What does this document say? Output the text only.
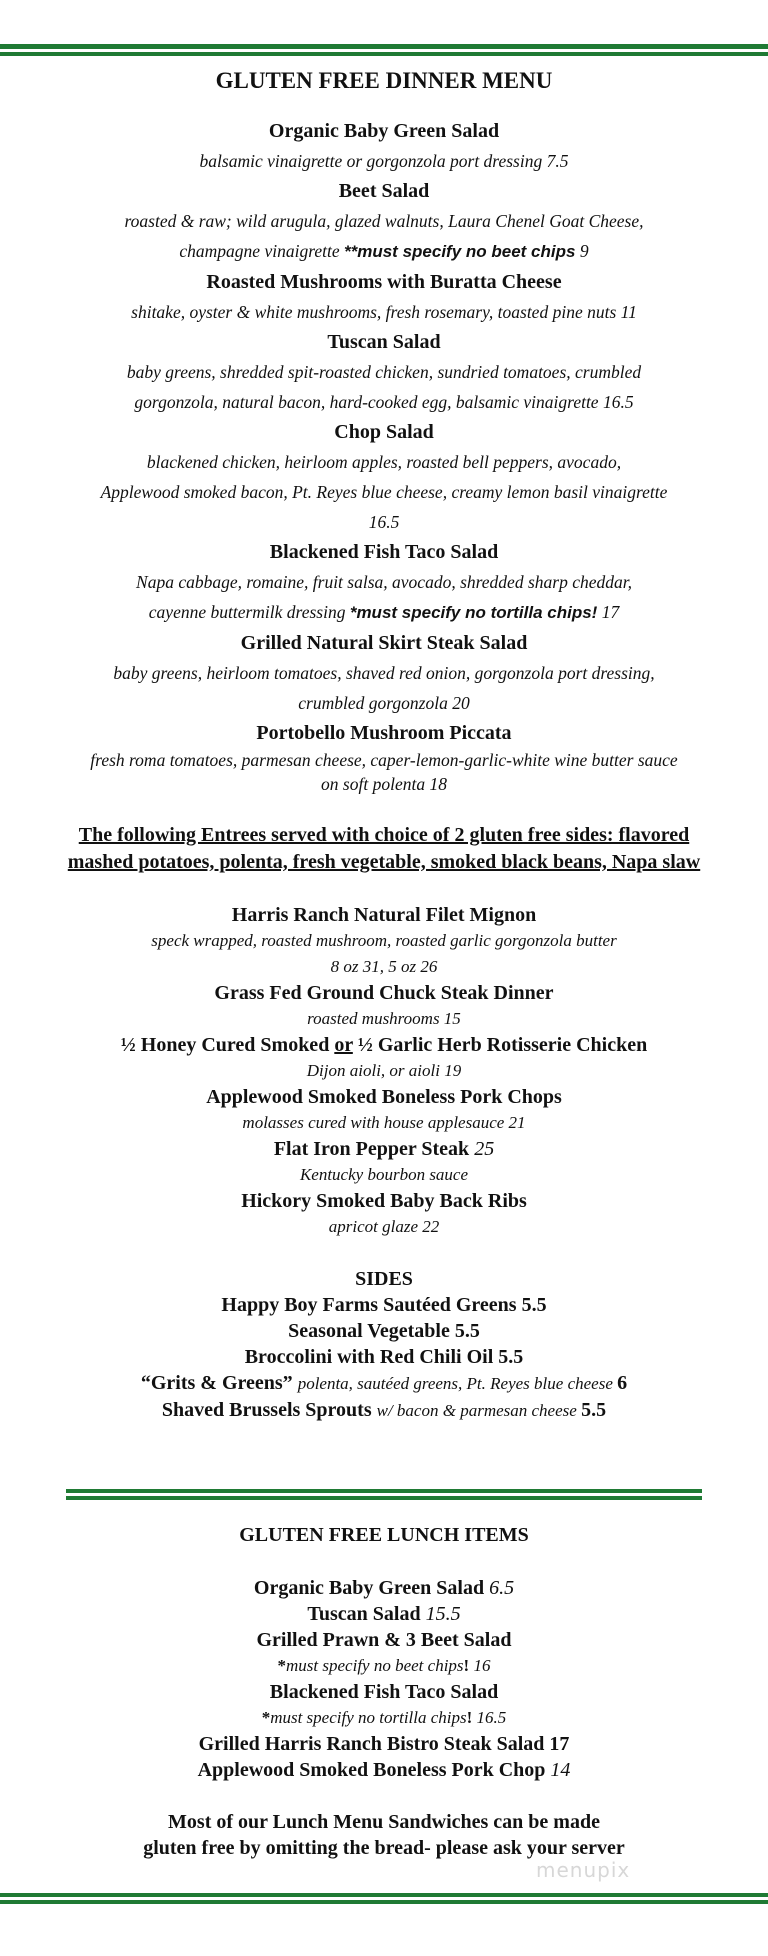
GLUTEN FREE DINNER MENU

Organic Baby Green Salad

balsamic vinaigrette or gorgonzola port dressing 7.5

Beet Salad

roasted & raw; wild arugula, glazed walnuts, Laura Chenel Goat Cheese,

champagne vinaigrette **must specify no beet chips 9

Roasted Mushrooms with Buratta Cheese

shitake, oyster & white mushrooms, fresh rosemary, toasted pine nuts 11

Tuscan Salad

baby greens, shredded spit-roasted chicken, sundried tomatoes, crumbled

gorgonzola, natural bacon, hard-cooked egg, balsamic vinaigrette 16.5

Chop Salad

blackened chicken, heirloom apples, roasted bell peppers, avocado,

Applewood smoked bacon, Pt. Reyes blue cheese, creamy lemon basil vinaigrette

16.5

Blackened Fish Taco Salad

Napa cabbage, romaine, fruit salsa, avocado, shredded sharp cheddar,

cayenne buttermilk dressing *must specify no tortilla chips! 17

Grilled Natural Skirt Steak Salad

baby greens, heirloom tomatoes, shaved red onion, gorgonzola port dressing,

crumbled gorgonzola 20

Portobello Mushroom Piccata

fresh roma tomatoes, parmesan cheese, caper-lemon-garlic-white wine butter sauce

on soft polenta 18

The following Entrees served with choice of 2 gluten free sides: flavored mashed potatoes, polenta, fresh vegetable, smoked black beans, Napa slaw

Harris Ranch Natural Filet Mignon

speck wrapped, roasted mushroom, roasted garlic gorgonzola butter

8 oz 31, 5 oz 26

Grass Fed Ground Chuck Steak Dinner

roasted mushrooms 15

½ Honey Cured Smoked or ½ Garlic Herb Rotisserie Chicken

Dijon aioli, or aioli 19

Applewood Smoked Boneless Pork Chops

molasses cured with house applesauce 21

Flat Iron Pepper Steak 25

Kentucky bourbon sauce

Hickory Smoked Baby Back Ribs

apricot glaze 22

SIDES

Happy Boy Farms Sautéed Greens 5.5

Seasonal Vegetable 5.5

Broccolini with Red Chili Oil 5.5

“Grits & Greens” polenta, sautéed greens, Pt. Reyes blue cheese 6

Shaved Brussels Sprouts w/ bacon & parmesan cheese 5.5

GLUTEN FREE LUNCH ITEMS

Organic Baby Green Salad 6.5

Tuscan Salad 15.5

Grilled Prawn & 3 Beet Salad

*must specify no beet chips! 16

Blackened Fish Taco Salad

*must specify no tortilla chips! 16.5

Grilled Harris Ranch Bistro Steak Salad 17

Applewood Smoked Boneless Pork Chop 14

Most of our Lunch Menu Sandwiches can be made

gluten free by omitting the bread- please ask your server

menupix
